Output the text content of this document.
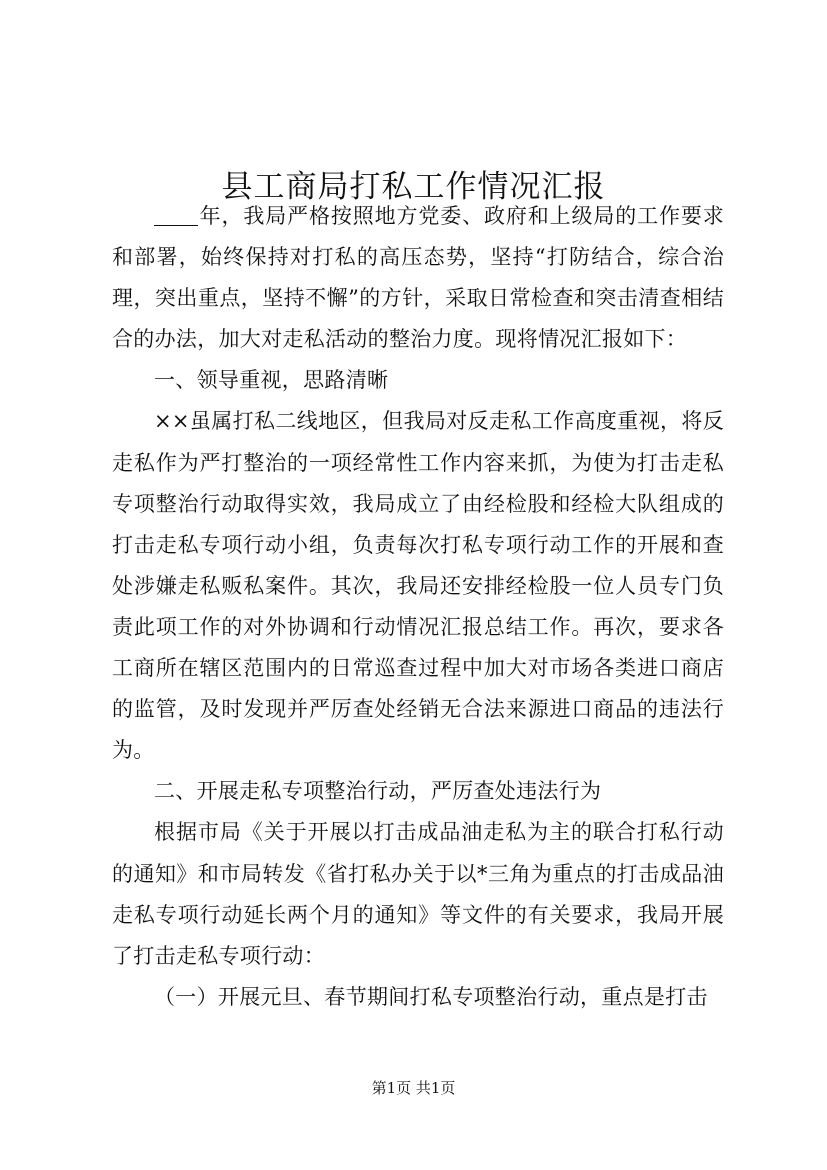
县工商局打私工作情况汇报

年，我局严格按照地方党委、政府和上级局的工作要求和部署，始终保持对打私的高压态势，坚持“打防结合，综合治理，突出重点，坚持不懈”的方针，采取日常检查和突击清查相结合的办法，加大对走私活动的整治力度。现将情况汇报如下：

一、领导重视，思路清晰

××虽属打私二线地区，但我局对反走私工作高度重视，将反走私作为严打整治的一项经常性工作内容来抓，为使为打击走私专项整治行动取得实效，我局成立了由经检股和经检大队组成的打击走私专项行动小组，负责每次打私专项行动工作的开展和查处涉嫌走私贩私案件。其次，我局还安排经检股一位人员专门负责此项工作的对外协调和行动情况汇报总结工作。再次，要求各工商所在辖区范围内的日常巡查过程中加大对市场各类进口商店的监管，及时发现并严厉查处经销无合法来源进口商品的违法行为。

二、开展走私专项整治行动，严厉查处违法行为

根据市局《关于开展以打击成品油走私为主的联合打私行动的通知》和市局转发《省打私办关于以*三角为重点的打击成品油走私专项行动延长两个月的通知》等文件的有关要求，我局开展了打击走私专项行动：

（一）开展元旦、春节期间打私专项整治行动，重点是打击

第1页 共1页
